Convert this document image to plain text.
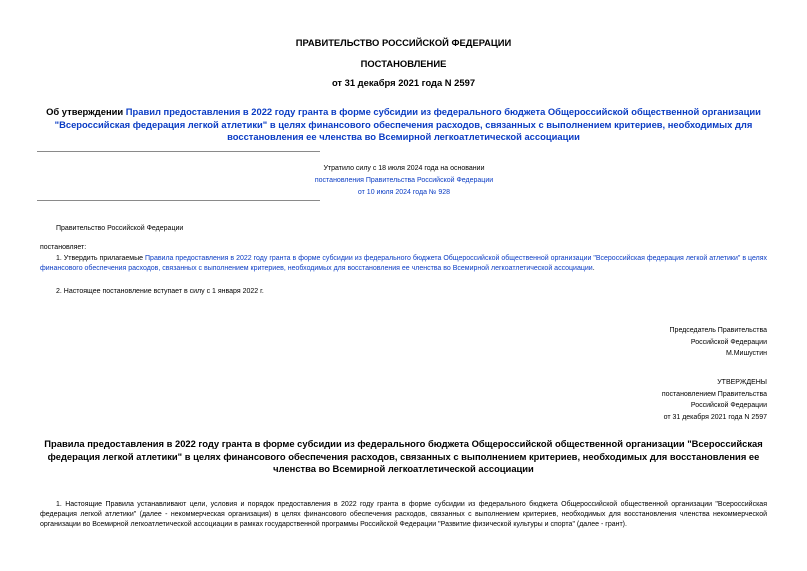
ПРАВИТЕЛЬСТВО РОССИЙСКОЙ ФЕДЕРАЦИИ
ПОСТАНОВЛЕНИЕ
от 31 декабря 2021 года N 2597
Об утверждении Правил предоставления в 2022 году гранта в форме субсидии из федерального бюджета Общероссийской общественной организации "Всероссийская федерация легкой атлетики" в целях финансового обеспечения расходов, связанных с выполнением критериев, необходимых для восстановления ее членства во Всемирной легкоатлетической ассоциации
Утратило силу с 18 июля 2024 года на основании
постановления Правительства Российской Федерации
от 10 июля 2024 года № 928
Правительство Российской Федерации
постановляет:
1. Утвердить прилагаемые Правила предоставления в 2022 году гранта в форме субсидии из федерального бюджета Общероссийской общественной организации "Всероссийская федерация легкой атлетики" в целях финансового обеспечения расходов, связанных с выполнением критериев, необходимых для восстановления ее членства во Всемирной легкоатлетической ассоциации.
2. Настоящее постановление вступает в силу с 1 января 2022 г.
Председатель Правительства
Российской Федерации
М.Мишустин
УТВЕРЖДЕНЫ
постановлением Правительства
Российской Федерации
от 31 декабря 2021 года N 2597
Правила предоставления в 2022 году гранта в форме субсидии из федерального бюджета Общероссийской общественной организации "Всероссийская федерация легкой атлетики" в целях финансового обеспечения расходов, связанных с выполнением критериев, необходимых для восстановления ее членства во Всемирной легкоатлетической ассоциации
1. Настоящие Правила устанавливают цели, условия и порядок предоставления в 2022 году гранта в форме субсидии из федерального бюджета Общероссийской общественной организации "Всероссийская федерация легкой атлетики" (далее - некоммерческая организация) в целях финансового обеспечения расходов, связанных с выполнением критериев, необходимых для восстановления членства некоммерческой организации во Всемирной легкоатлетической ассоциации в рамках государственной программы Российской Федерации "Развитие физической культуры и спорта" (далее - грант).
